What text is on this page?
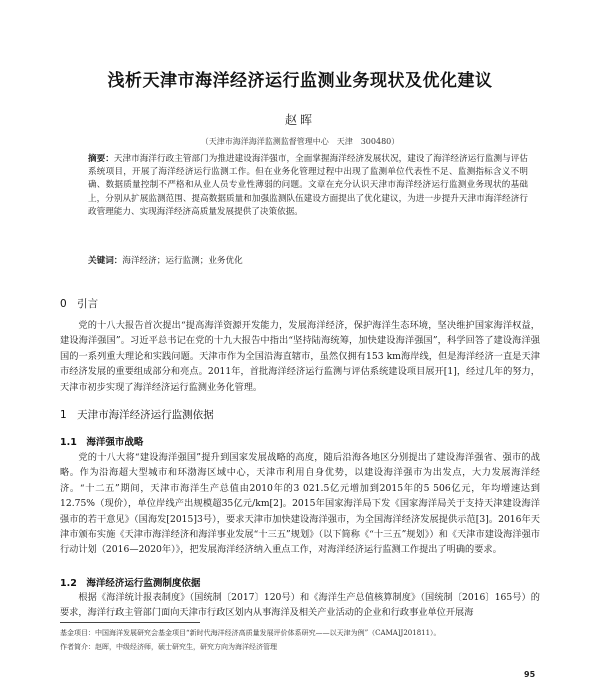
浅析天津市海洋经济运行监测业务现状及优化建议
赵晖
（天津市海洋海洋监测监督管理中心　天津　300480）
摘要：天津市海洋行政主管部门为推进建设海洋强市，全面掌握海洋经济发展状况，建设了海洋经济运行监测与评估系统项目，开展了海洋经济运行监测工作。但在业务化管理过程中出现了监测单位代表性不足、监测指标含义不明确、数据质量控制不严格和从业人员专业性薄弱的问题。文章在充分认识天津市海洋经济运行监测业务现状的基础上，分别从扩展监测范围、提高数据质量和加强监测队伍建设方面提出了优化建议，为进一步提升天津市海洋经济行政管理能力、实现海洋经济高质量发展提供了决策依据。
关键词：海洋经济；运行监测；业务优化
0　引言
党的十八大报告首次提出“提高海洋资源开发能力，发展海洋经济，保护海洋生态环境，坚决维护国家海洋权益，建设海洋强国”。习近平总书记在党的十九大报告中指出“坚持陆海统筹，加快建设海洋强国”，科学回答了建设海洋强国的一系列重大理论和实践问题。天津市作为全国沿海直辖市，虽然仅拥有153 km海岸线，但是海洋经济一直是天津市经济发展的重要组成部分和亮点。2011年，首批海洋经济运行监测与评估系统建设项目展开[1]，经过几年的努力，天津市初步实现了海洋经济运行监测业务化管理。
1　天津市海洋经济运行监测依据
1.1　海洋强市战略
党的十八大将“建设海洋强国”提升到国家发展战略的高度，随后沿海各地区分别提出了建设海洋强省、强市的战略。作为沿海超大型城市和环渤海区域中心，天津市利用自身优势，以建设海洋强市为出发点，大力发展海洋经济。“十二五”期间，天津市海洋生产总值由2010年的3 021.5亿元增加到2015年的5 506亿元，年均增速达到12.75%（现价），单位岸线产出规模超35亿元/km[2]。2015年国家海洋局下发《国家海洋局关于支持天津建设海洋强市的若干意见》（国海发[2015]3号），要求天津市加快建设海洋强市，为全国海洋经济发展提供示范[3]。2016年天津市颁布实施《天津市海洋经济和海洋事业发展“十三五”规划》（以下简称《“十三五”规划》）和《天津市建设海洋强市行动计划（2016—2020年）》，把发展海洋经济纳入重点工作，对海洋经济运行监测工作提出了明确的要求。
1.2　海洋经济运行监测制度依据
根据《海洋统计报表制度》（国统制〔2017〕120号）和《海洋生产总值核算制度》（国统制〔2016〕165号）的要求，海洋行政主管部门面向天津市行政区划内从事海洋及相关产业活动的企业和行政事业单位开展海
基金项目：中国海洋发展研究会基金项目“新时代海洋经济高质量发展评价体系研究——以天津为例”（CAMA]J201811）。
作者简介：赵晖，中级经济师，硕士研究生，研究方向为海洋经济管理
95
